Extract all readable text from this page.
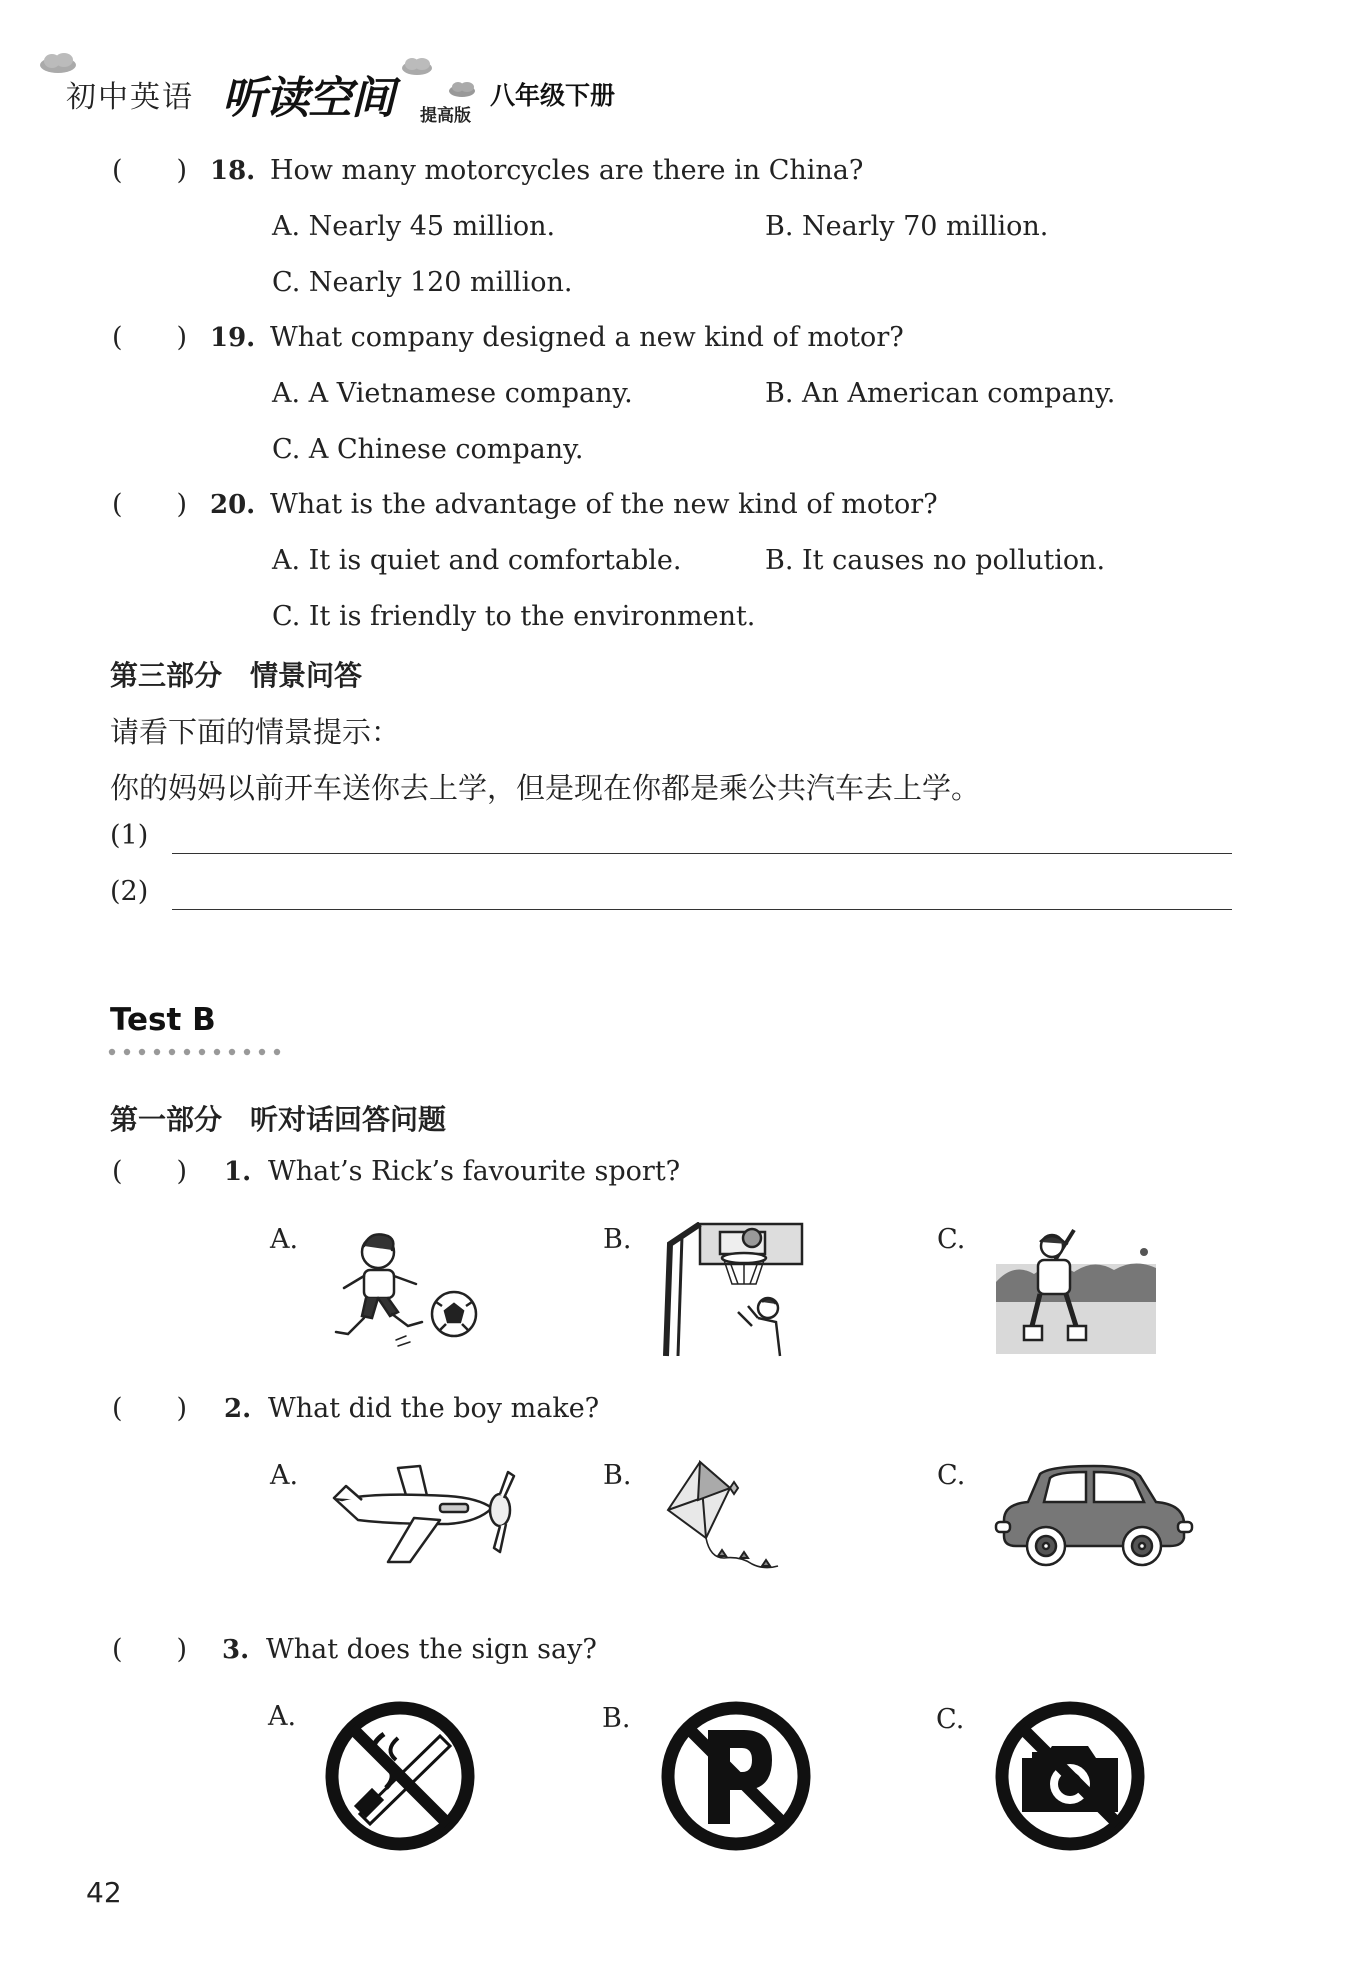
初中英语 听读空间 提高版
八年级下册
(  ) 18. How many motorcycles are there in China?
A. Nearly 45 million.	B. Nearly 70 million.
C. Nearly 120 million.
(  ) 19. What company designed a new kind of motor?
A. A Vietnamese company.	B. An American company.
C. A Chinese company.
(  ) 20. What is the advantage of the new kind of motor?
A. It is quiet and comfortable.	B. It causes no pollution.
C. It is friendly to the environment.
第三部分　情景问答
请看下面的情景提示：
你的妈妈以前开车送你去上学，但是现在你都是乘公共汽车去上学。
(1)
(2)
Test B
第一部分　听对话回答问题
(  ) 1. What’s Rick’s favourite sport?
A.	B.	C.
(  ) 2. What did the boy make?
A.	B.	C.
(  ) 3. What does the sign say?
A.	B.	C.
42
